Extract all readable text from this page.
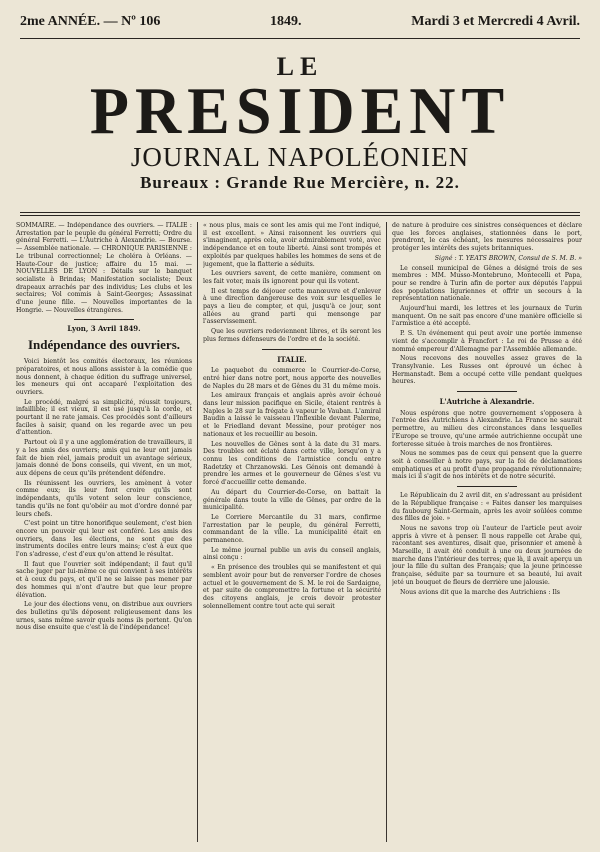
2me ANNÉE. — Nº 106	1849.	Mardi 3 et Mercredi 4 Avril.
LE
PRESIDENT
JOURNAL NAPOLÉONIEN
Bureaux : Grande Rue Mercière, n. 22.

SOMMAIRE. — Indépendance des ouvriers. — ITALIE : Arrestation par le peuple du général Ferretti; Ordre du général Ferretti. — L'Autriche à Alexandrie. — Bourse. — Assemblée nationale. — CHRONIQUE PARISIENNE : Le tribunal correctionnel; Le choléra à Orléans. — Haute-Cour de justice; affaire du 15 mai. — NOUVELLES DE LYON : Détails sur le banquet socialiste à Brindas; Manifestation socialiste; Deux drapeaux arrachés par des individus; Les clubs et les sectaires; Vol commis à Saint-Georges; Assassinat d'une jeune fille. — Nouvelles importantes de la Hongrie. — Nouvelles étrangères.

Lyon, 3 Avril 1849.
Indépendance des ouvriers.

Voici bientôt les comités électoraux, les réunions préparatoires, et nous allons assister à la comédie que nous donnent, à chaque édition du suffrage universel, les meneurs qui ont accaparé l'exploitation des ouvriers.

Le procédé, malgré sa simplicité, réussit toujours, infaillible; il est vieux, il est usé jusqu'à la corde, et pourtant il ne rate jamais. Ces procédés sont d'ailleurs faciles à saisir, quand on les regarde avec un peu d'attention.

Partout où il y a une agglomération de travailleurs, il y a les amis des ouvriers; amis qui ne leur ont jamais fait de bien réel, jamais produit un avantage sérieux, jamais donné de bons conseils, qui vivent, en un mot, aux dépens de ceux qu'ils prétendent défendre.

Ils réunissent les ouvriers, les amènent à voter comme eux; ils leur font croire qu'ils sont indépendants, qu'ils votent selon leur conscience, tandis qu'ils ne font qu'obéir au mot d'ordre donné par leurs chefs.

C'est point un titre honorifique seulement, c'est bien encore un pouvoir qui leur est conféré. Les amis des ouvriers, dans les élections, ne sont que des instruments dociles entre leurs mains; c'est à eux que l'on s'adresse, c'est d'eux qu'on attend le résultat.

Il faut que l'ouvrier soit indépendant; il faut qu'il sache juger par lui-même ce qui convient à ses intérêts et à ceux du pays, et qu'il ne se laisse pas mener par des hommes qui n'ont d'autre but que leur propre élévation.

Le jour des élections venu, on distribue aux ouvriers des bulletins qu'ils déposent religieusement dans les urnes, sans même savoir quels noms ils portent. Qu'on nous dise ensuite que c'est là de l'indépendance!

« nous plus, mais ce sont les amis qui me l'ont indiqué, il est excellent. » Ainsi raisonnent les ouvriers qui s'imaginent, après cela, avoir admirablement voté, avec indépendance et en toute liberté. Ainsi sont trompés et exploités par quelques habiles les hommes de sens et de jugement, que la flatterie a séduits.

Les ouvriers savent, de cette manière, comment on les fait voter, mais ils ignorent pour qui ils votent.

Il est temps de déjouer cette manœuvre et d'enlever à une direction dangereuse des voix sur lesquelles le pays a lieu de compter, et qui, jusqu'à ce jour, sont allées au grand parti qui mensonge par l'asservissement.

Que les ouvriers redeviennent libres, et ils seront les plus fermes défenseurs de l'ordre et de la société.

ITALIE.

Le paquebot du commerce le Courrier-de-Corse, entré hier dans notre port, nous apporte des nouvelles de Naples du 28 mars et de Gênes du 31 du même mois.

Les amiraux français et anglais après avoir échoué dans leur mission pacifique en Sicile, étaient rentrés à Naples le 28 sur la frégate à vapeur le Vauban. L'amiral Baudin a laissé le vaisseau l'Inflexible devant Palerme, et le Friedland devant Messine, pour protéger nos nationaux et les recueillir au besoin.

Les nouvelles de Gênes sont à la date du 31 mars. Des troubles ont éclaté dans cette ville, lorsqu'on y a connu les conditions de l'armistice conclu entre Radetzky et Chrzanowski. Les Génois ont demandé à prendre les armes et le gouverneur de Gênes s'est vu forcé d'accueillir cette demande.

Au départ du Courrier-de-Corse, on battait la générale dans toute la ville de Gênes, par ordre de la municipalité.

Le Corriere Mercantile du 31 mars, confirme l'arrestation par le peuple, du général Ferretti, commandant de la ville. La municipalité était en permanence.

Le même journal publie un avis du conseil anglais, ainsi conçu :

« En présence des troubles qui se manifestent et qui semblent avoir pour but de renverser l'ordre de choses actuel et le gouvernement de S. M. le roi de Sardaigne, et par suite de compromettre la fortune et la sécurité des citoyens anglais, je crois devoir protester solennellement contre tout acte qui serait

de nature à produire ces sinistres conséquences et déclare que les forces anglaises, stationnées dans le port, prendront, le cas échéant, les mesures nécessaires pour protéger les intérêts des sujets britanniques.

Signé : T. YEATS BROWN, Consul de S. M. B. »

Le conseil municipal de Gênes a désigné trois de ses membres : MM. Musso-Montebruno, Montecelli et Papa, pour se rendre à Turin afin de porter aux députés l'appui des populations liguriennes et offrir un secours à la représentation nationale.

Aujourd'hui mardi, les lettres et les journaux de Turin manquent. On ne sait pas encore d'une manière officielle si l'armistice a été accepté.

P. S. Un événement qui peut avoir une portée immense vient de s'accomplir à Francfort : Le roi de Prusse a été nommé empereur d'Allemagne par l'Assemblée allemande.

Nous recevons des nouvelles assez graves de la Transylvanie. Les Russes ont éprouvé un échec à Hermanstadt. Bem a occupé cette ville pendant quelques heures.

L'Autriche à Alexandrie.

Nous espérons que notre gouvernement s'opposera à l'entrée des Autrichiens à Alexandrie. La France ne saurait permettre, au milieu des circonstances dans lesquelles l'Europe se trouve, qu'une armée autrichienne occupât une forteresse située à trois marches de nos frontières.

Nous ne sommes pas de ceux qui pensent que la guerre soit à conseiller à notre pays, sur la foi de déclamations emphatiques et au profit d'une propagande révolutionnaire; mais ici il s'agit de nos intérêts et de notre sécurité.

Le Républicain du 2 avril dit, en s'adressant au président de la République française : « Faites danser les marquises du faubourg Saint-Germain, après les avoir soûlées comme des filles de joie. »

Nous ne savons trop où l'auteur de l'article peut avoir appris à vivre et à penser. Il nous rappelle cet Arabe qui, racontant ses aventures, disait que, prisonnier et amené à Marseille, il avait été conduit à une ou deux journées de marche dans l'intérieur des terres; que là, il avait aperçu un jour la fille du sultan des Français; que la jeune princesse française, séduite par sa tournure et sa beauté, lui avait jeté un bouquet de fleurs de derrière une jalousie.

Nous avions dit que la marche des Autrichiens : Ils
